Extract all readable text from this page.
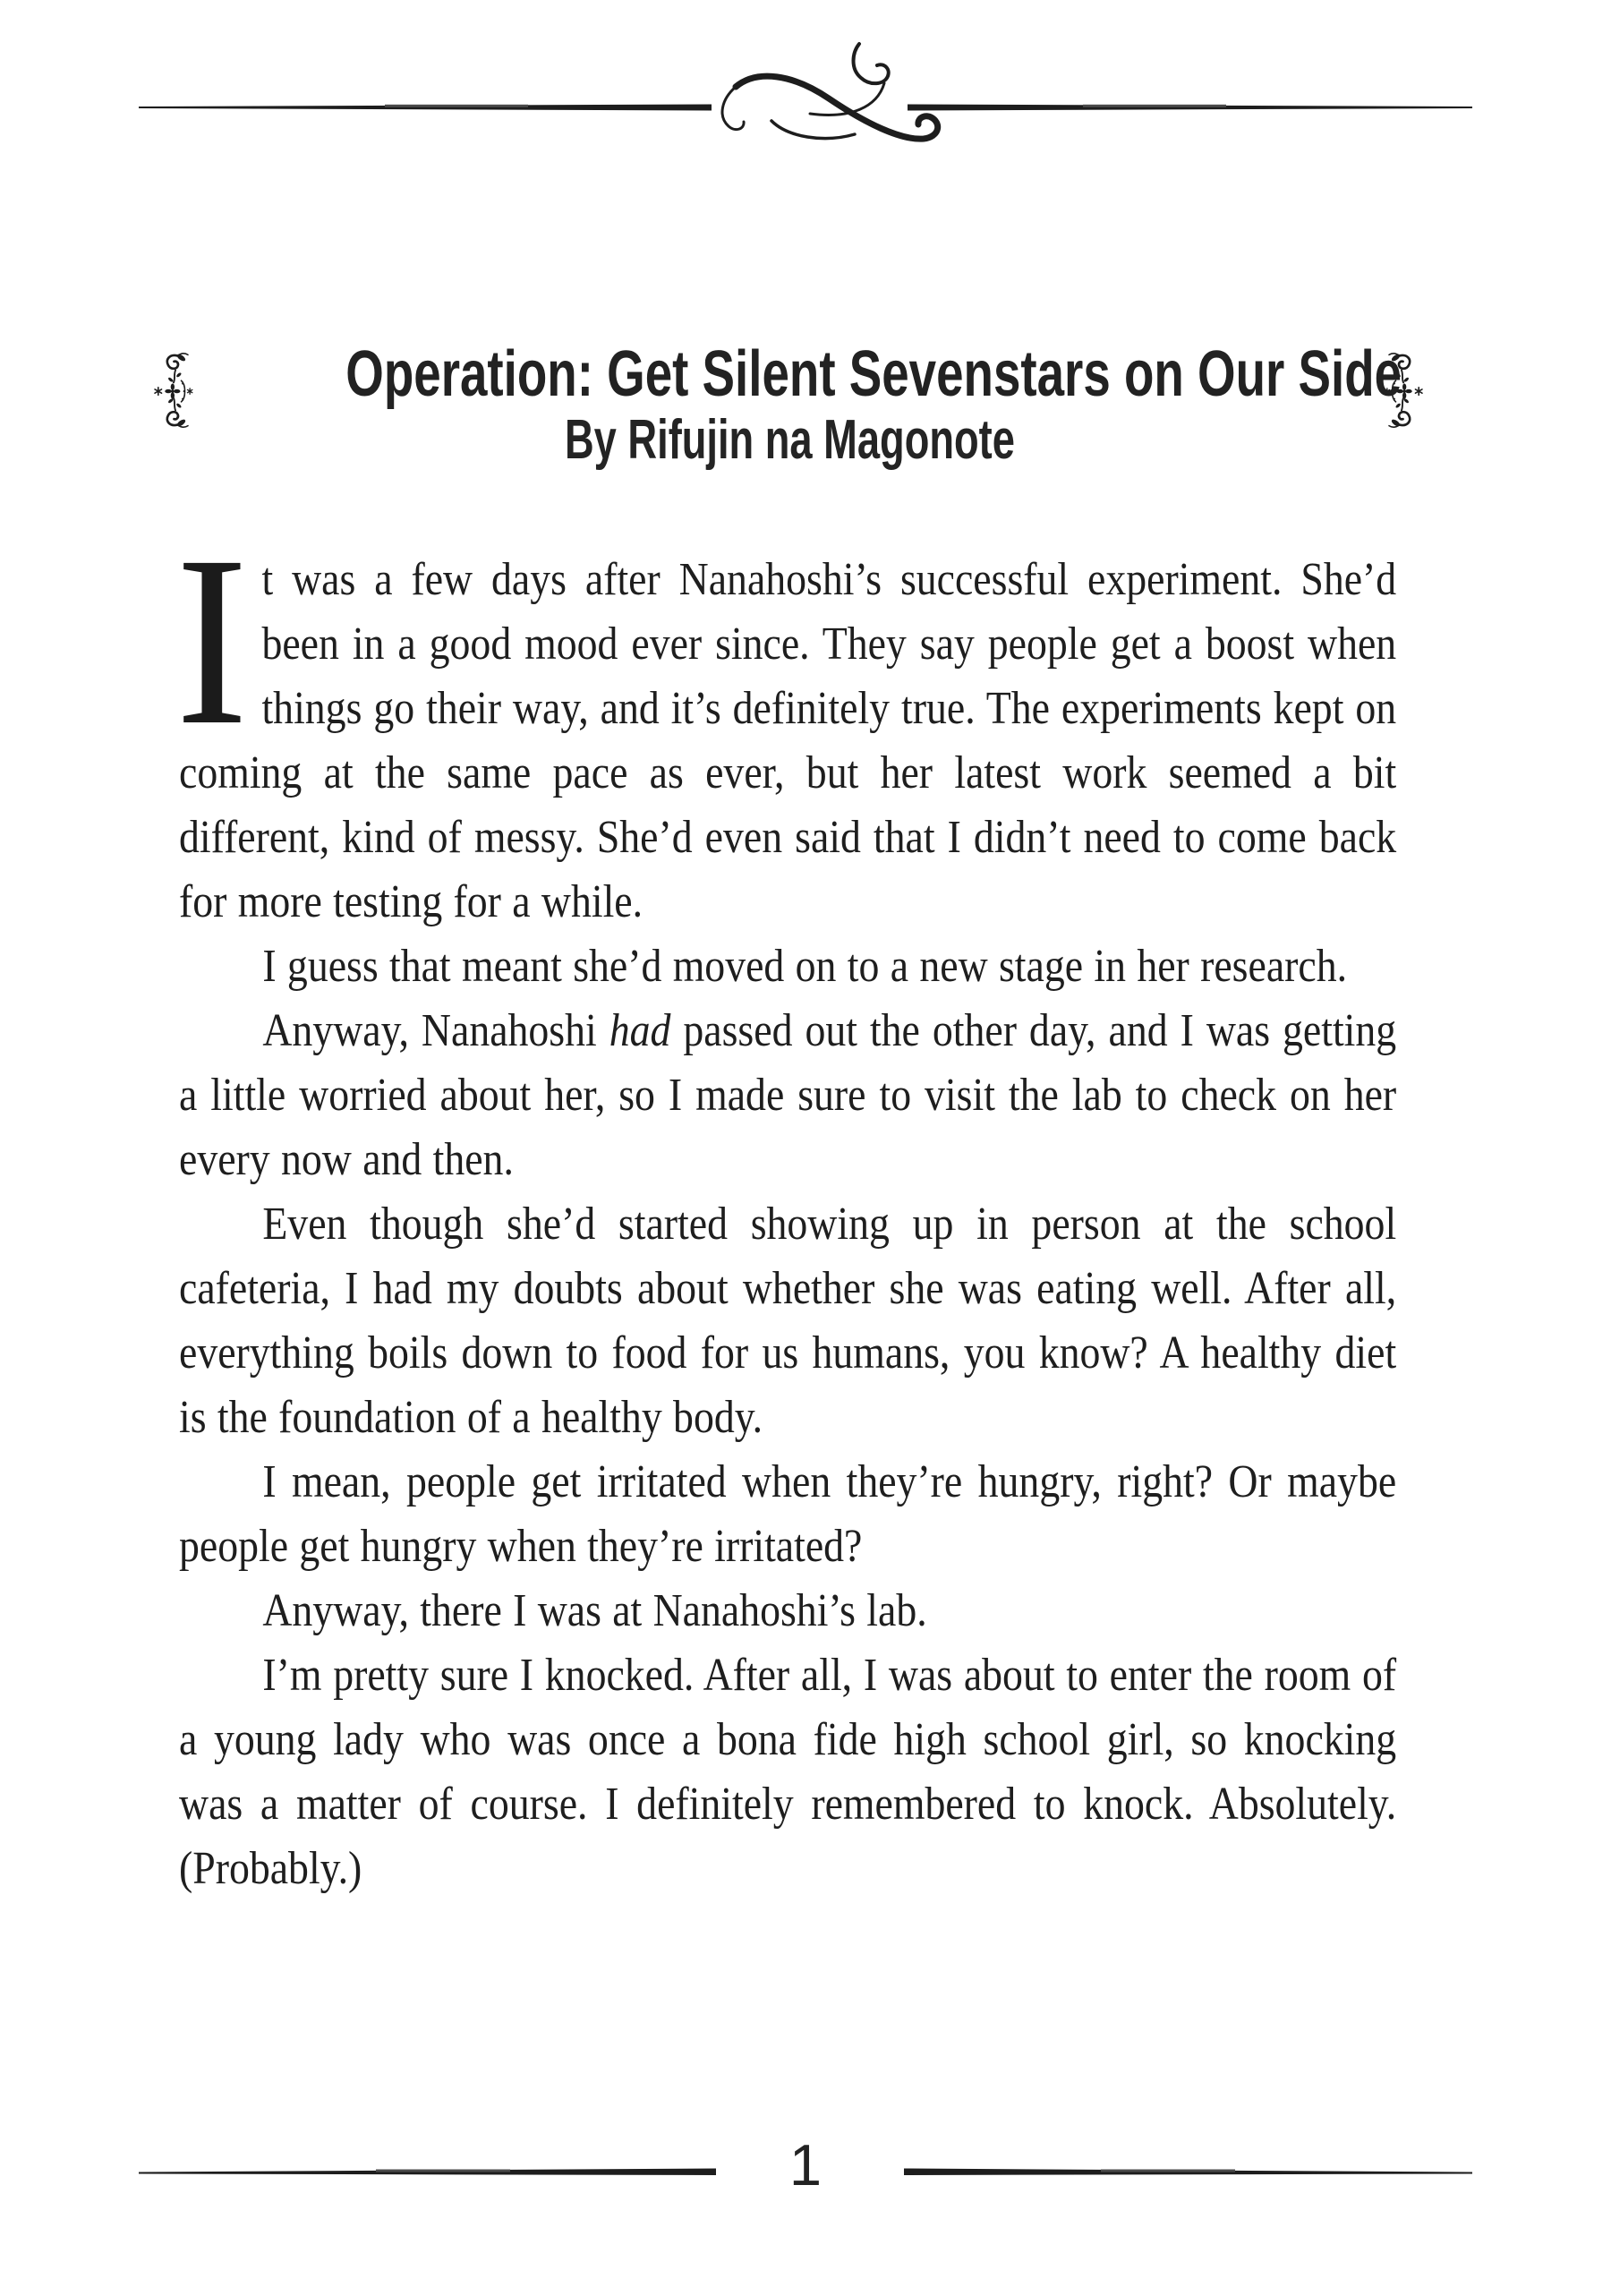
Operation: Get Silent Sevenstars on Our Side
By Rifujin na Magonote

I t was a few days after Nanahoshi’s successful experiment. She’d been in a good mood ever since. They say people get a boost when things go their way, and it’s definitely true. The experiments kept on coming at the same pace as ever, but her latest work seemed a bit different, kind of messy. She’d even said that I didn’t need to come back for more testing for a while.

I guess that meant she’d moved on to a new stage in her research.

Anyway, Nanahoshi had passed out the other day, and I was getting a little worried about her, so I made sure to visit the lab to check on her every now and then.

Even though she’d started showing up in person at the school cafeteria, I had my doubts about whether she was eating well. After all, everything boils down to food for us humans, you know? A healthy diet is the foundation of a healthy body.

I mean, people get irritated when they’re hungry, right? Or maybe people get hungry when they’re irritated?

Anyway, there I was at Nanahoshi’s lab.

I’m pretty sure I knocked. After all, I was about to enter the room of a young lady who was once a bona fide high school girl, so knocking was a matter of course. I definitely remembered to knock. Absolutely. (Probably.)

1
